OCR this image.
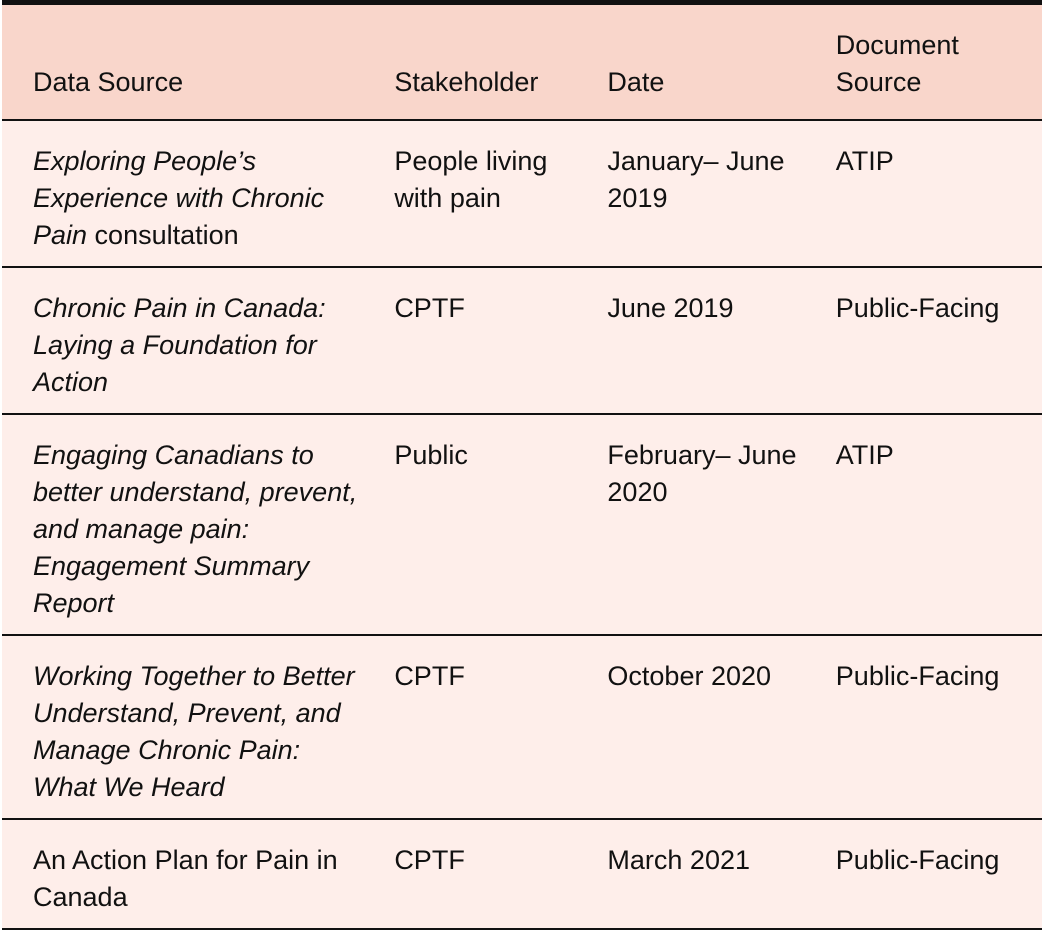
Data Source	Stakeholder	Date	Document Source
Exploring People’s Experience with Chronic Pain consultation	People living with pain	January– June 2019	ATIP
Chronic Pain in Canada: Laying a Foundation for Action	CPTF	June 2019	Public-Facing
Engaging Canadians to better understand, prevent, and manage pain: Engagement Summary Report	Public	February– June 2020	ATIP
Working Together to Better Understand, Prevent, and Manage Chronic Pain: What We Heard	CPTF	October 2020	Public-Facing
An Action Plan for Pain in Canada	CPTF	March 2021	Public-Facing
